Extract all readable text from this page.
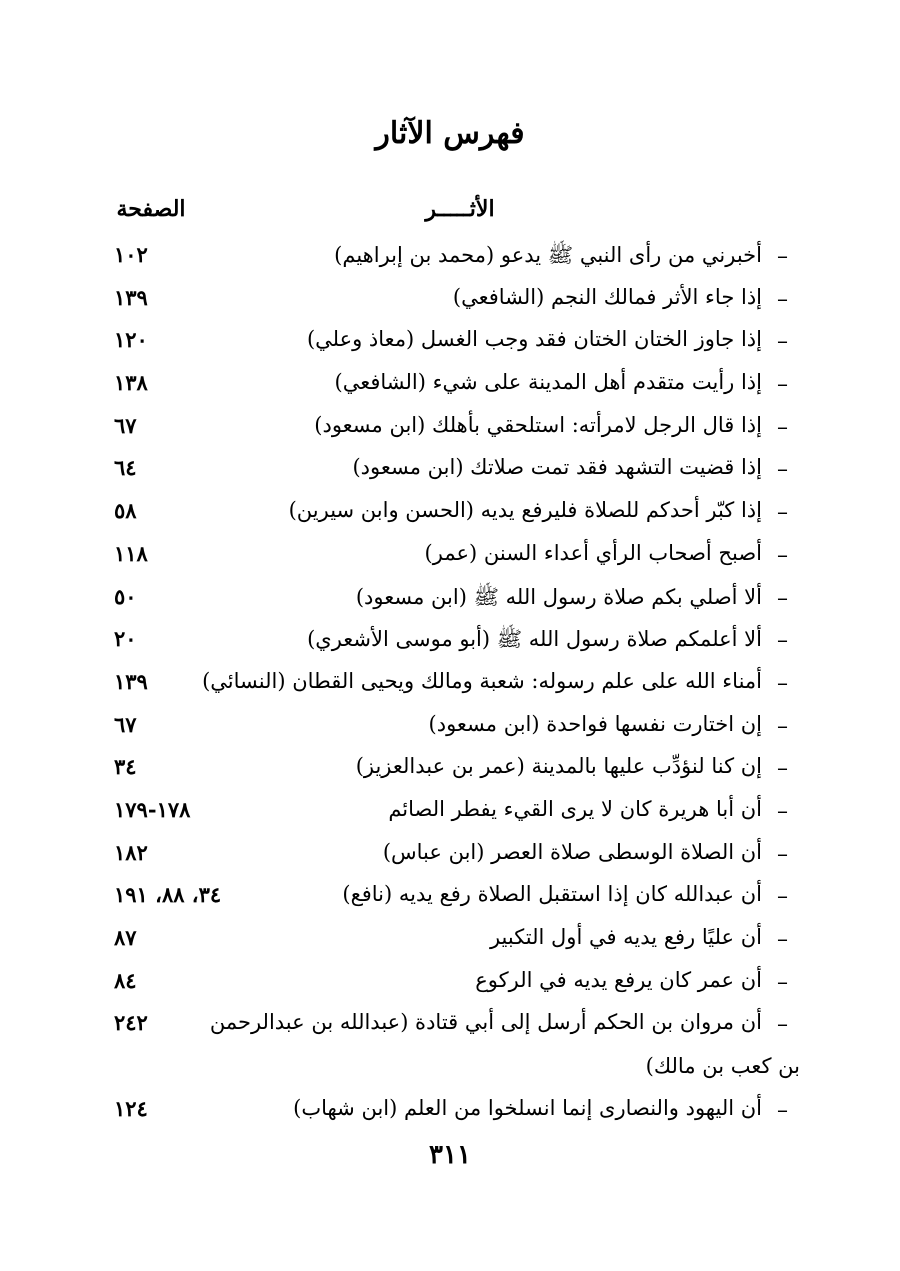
فهرس الآثار
الأثـــــر
الصفحة
–
أخبرني من رأى النبي ﷺ يدعو (محمد بن إبراهيم)
١٠٢
–
إذا جاء الأثر فمالك النجم (الشافعي)
١٣٩
–
إذا جاوز الختان الختان فقد وجب الغسل (معاذ وعلي)
١٢٠
–
إذا رأيت متقدم أهل المدينة على شيء (الشافعي)
١٣٨
–
إذا قال الرجل لامرأته: استلحقي بأهلك (ابن مسعود)
٦٧
–
إذا قضيت التشهد فقد تمت صلاتك (ابن مسعود)
٦٤
–
إذا كبّر أحدكم للصلاة فليرفع يديه (الحسن وابن سيرين)
٥٨
–
أصبح أصحاب الرأي أعداء السنن (عمر)
١١٨
–
ألا أصلي بكم صلاة رسول الله ﷺ (ابن مسعود)
٥٠
–
ألا أعلمكم صلاة رسول الله ﷺ (أبو موسى الأشعري)
٢٠
–
أمناء الله على علم رسوله: شعبة ومالك ويحيى القطان (النسائي)
١٣٩
–
إن اختارت نفسها فواحدة (ابن مسعود)
٦٧
–
إن كنا لنؤدِّب عليها بالمدينة (عمر بن عبدالعزيز)
٣٤
–
أن أبا هريرة كان لا يرى القيء يفطر الصائم
١٧٨-١٧٩
–
أن الصلاة الوسطى صلاة العصر (ابن عباس)
١٨٢
–
أن عبدالله كان إذا استقبل الصلاة رفع يديه (نافع)
٣٤، ٨٨، ١٩١
–
أن عليًا رفع يديه في أول التكبير
٨٧
–
أن عمر كان يرفع يديه في الركوع
٨٤
–
أن مروان بن الحكم أرسل إلى أبي قتادة (عبدالله بن عبدالرحمن
بن كعب بن مالك)
٢٤٢
–
أن اليهود والنصارى إنما انسلخوا من العلم (ابن شهاب)
١٢٤
٣١١
